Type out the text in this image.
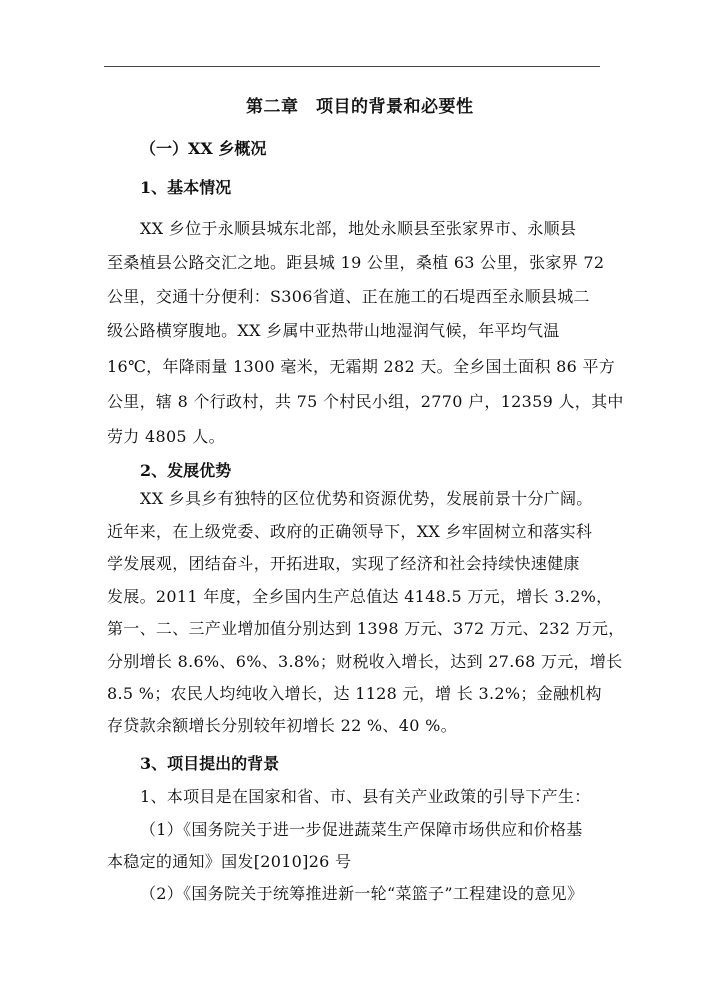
第二章　项目的背景和必要性
（一）XX 乡概况
1、基本情况
XX 乡位于永顺县城东北部，地处永顺县至张家界市、永顺县
至桑植县公路交汇之地。距县城 19 公里，桑植 63 公里，张家界 72
公里，交通十分便利：S306省道、正在施工的石堤西至永顺县城二
级公路横穿腹地。XX 乡属中亚热带山地湿润气候，年平均气温
16℃，年降雨量 1300 毫米，无霜期 282 天。全乡国土面积 86 平方
公里，辖 8 个行政村，共 75 个村民小组，2770 户，12359 人，其中
劳力 4805 人。
2、发展优势
XX 乡具乡有独特的区位优势和资源优势，发展前景十分广阔。
近年来，在上级党委、政府的正确领导下，XX 乡牢固树立和落实科
学发展观，团结奋斗，开拓进取，实现了经济和社会持续快速健康
发展。2011 年度，全乡国内生产总值达 4148.5 万元，增长 3.2%，
第一、二、三产业增加值分别达到 1398 万元、372 万元、232 万元，
分别增长 8.6%、6%、3.8%；财税收入增长，达到 27.68 万元，增长
8.5 %；农民人均纯收入增长，达 1128 元，增 长 3.2%；金融机构
存贷款余额增长分别较年初增长 22 %、40 %。
3、项目提出的背景
1、本项目是在国家和省、市、县有关产业政策的引导下产生：
（1）《国务院关于进一步促进蔬菜生产保障市场供应和价格基
本稳定的通知》国发[2010]26 号
（2）《国务院关于统筹推进新一轮“菜篮子”工程建设的意见》
